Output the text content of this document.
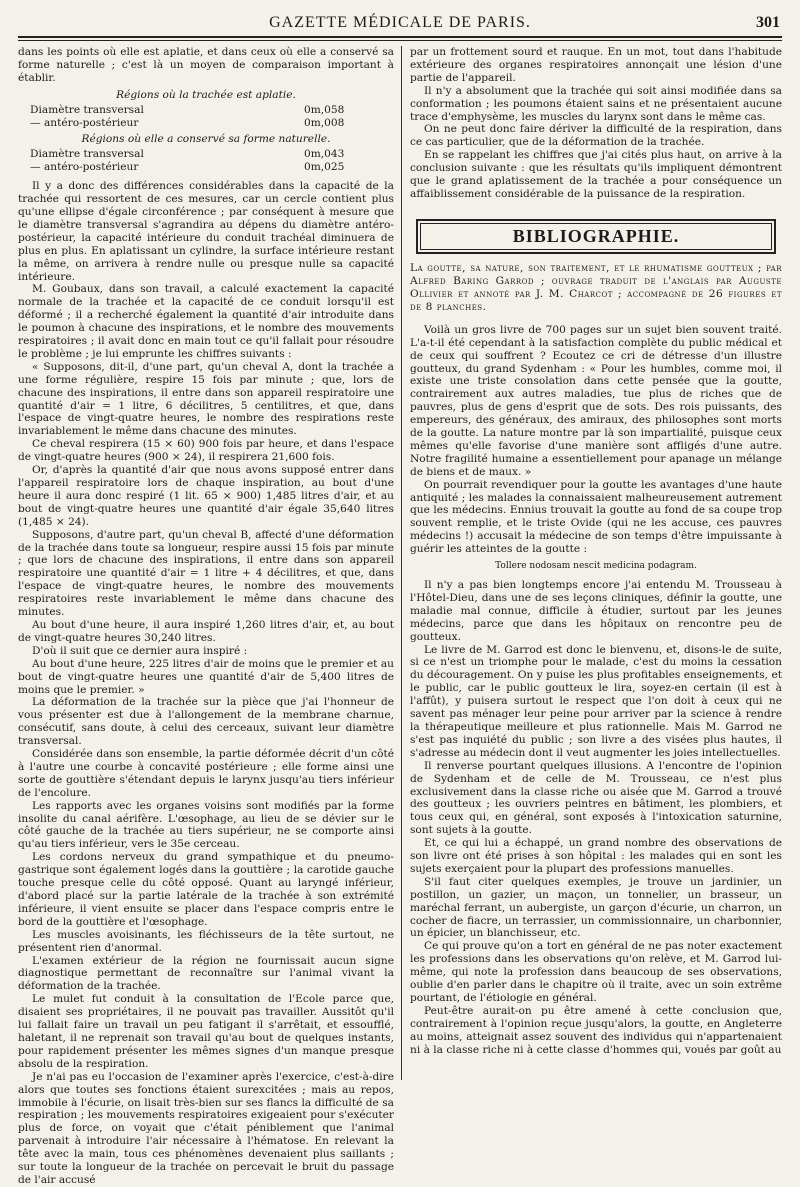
GAZETTE MÉDICALE DE PARIS.	301

dans les points où elle est aplatie, et dans ceux où elle a conservé sa forme naturelle ; c'est là un moyen de comparaison important à établir.

Régions où la trachée est aplatie.

Diamètre transversal	0m,058
— antéro-postérieur	0m,008

Régions où elle a conservé sa forme naturelle.

Diamètre transversal	0m,043
— antéro-postérieur	0m,025

Il y a donc des différences considérables dans la capacité de la trachée qui ressortent de ces mesures, car un cercle contient plus qu'une ellipse d'égale circonférence ; par conséquent à mesure que le diamètre transversal s'agrandira au dépens du diamètre antéro-postérieur, la capacité intérieure du conduit trachéal diminuera de plus en plus. En aplatissant un cylindre, la surface intérieure restant la même, on arrivera à rendre nulle ou presque nulle sa capacité intérieure.

M. Goubaux, dans son travail, a calculé exactement la capacité normale de la trachée et la capacité de ce conduit lorsqu'il est déformé ; il a recherché également la quantité d'air introduite dans le poumon à chacune des inspirations, et le nombre des mouvements respiratoires ; il avait donc en main tout ce qu'il fallait pour résoudre le problème ; je lui emprunte les chiffres suivants :

« Supposons, dit-il, d'une part, qu'un cheval A, dont la trachée a une forme régulière, respire 15 fois par minute ; que, lors de chacune des inspirations, il entre dans son appareil respiratoire une quantité d'air = 1 litre, 6 décilitres, 5 centilitres, et que, dans l'espace de vingt-quatre heures, le nombre des respirations reste invariablement le même dans chacune des minutes.

Ce cheval respirera (15 × 60) 900 fois par heure, et dans l'espace de vingt-quatre heures (900 × 24), il respirera 21,600 fois.

Or, d'après la quantité d'air que nous avons supposé entrer dans l'appareil respiratoire lors de chaque inspiration, au bout d'une heure il aura donc respiré (1 lit. 65 × 900) 1,485 litres d'air, et au bout de vingt-quatre heures une quantité d'air égale 35,640 litres (1,485 × 24).

Supposons, d'autre part, qu'un cheval B, affecté d'une déformation de la trachée dans toute sa longueur, respire aussi 15 fois par minute ; que lors de chacune des inspirations, il entre dans son appareil respiratoire une quantité d'air = 1 litre + 4 décilitres, et que, dans l'espace de vingt-quatre heures, le nombre des mouvements respiratoires reste invariablement le même dans chacune des minutes.

Au bout d'une heure, il aura inspiré 1,260 litres d'air, et, au bout de vingt-quatre heures 30,240 litres.

D'où il suit que ce dernier aura inspiré :

Au bout d'une heure, 225 litres d'air de moins que le premier et au bout de vingt-quatre heures une quantité d'air de 5,400 litres de moins que le premier. »

La déformation de la trachée sur la pièce que j'ai l'honneur de vous présenter est due à l'allongement de la membrane charnue, consécutif, sans doute, à celui des cerceaux, suivant leur diamètre transversal.

Considérée dans son ensemble, la partie déformée décrit d'un côté à l'autre une courbe à concavité postérieure ; elle forme ainsi une sorte de gouttière s'étendant depuis le larynx jusqu'au tiers inférieur de l'encolure.

Les rapports avec les organes voisins sont modifiés par la forme insolite du canal aérifère. L'œsophage, au lieu de se dévier sur le côté gauche de la trachée au tiers supérieur, ne se comporte ainsi qu'au tiers inférieur, vers le 35e cerceau.

Les cordons nerveux du grand sympathique et du pneumo-gastrique sont également logés dans la gouttière ; la carotide gauche touche presque celle du côté opposé. Quant au laryngé inférieur, d'abord placé sur la partie latérale de la trachée à son extrémité inférieure, il vient ensuite se placer dans l'espace compris entre le bord de la gouttière et l'œsophage.

Les muscles avoisinants, les fléchisseurs de la tête surtout, ne présentent rien d'anormal.

L'examen extérieur de la région ne fournissait aucun signe diagnostique permettant de reconnaître sur l'animal vivant la déformation de la trachée.

Le mulet fut conduit à la consultation de l'Ecole parce que, disaient ses propriétaires, il ne pouvait pas travailler. Aussitôt qu'il lui fallait faire un travail un peu fatigant il s'arrêtait, et essoufflé, haletant, il ne reprenait son travail qu'au bout de quelques instants, pour rapidement présenter les mêmes signes d'un manque presque absolu de la respiration.

Je n'ai pas eu l'occasion de l'examiner après l'exercice, c'est-à-dire alors que toutes ses fonctions étaient surexcitées ; mais au repos, immobile à l'écurie, on lisait très-bien sur ses flancs la difficulté de sa respiration ; les mouvements respiratoires exigeaient pour s'exécuter plus de force, on voyait que c'était péniblement que l'animal parvenait à introduire l'air nécessaire à l'hématose. En relevant la tête avec la main, tous ces phénomènes devenaient plus saillants ; sur toute la longueur de la trachée on percevait le bruit du passage de l'air accusé

par un frottement sourd et rauque. En un mot, tout dans l'habitude extérieure des organes respiratoires annonçait une lésion d'une partie de l'appareil.

Il n'y a absolument que la trachée qui soit ainsi modifiée dans sa conformation ; les poumons étaient sains et ne présentaient aucune trace d'emphysème, les muscles du larynx sont dans le même cas.

On ne peut donc faire dériver la difficulté de la respiration, dans ce cas particulier, que de la déformation de la trachée.

En se rappelant les chiffres que j'ai cités plus haut, on arrive à la conclusion suivante : que les résultats qu'ils impliquent démontrent que le grand aplatissement de la trachée a pour conséquence un affaiblissement considérable de la puissance de la respiration.

BIBLIOGRAPHIE.

La goutte, sa nature, son traitement, et le rhumatisme goutteux ; par Alfred Baring Garrod ; ouvrage traduit de l'anglais par Auguste Ollivier et annoté par J. M. Charcot ; accompagné de 26 figures et de 8 planches.

Voilà un gros livre de 700 pages sur un sujet bien souvent traité. L'a-t-il été cependant à la satisfaction complète du public médical et de ceux qui souffrent ? Ecoutez ce cri de détresse d'un illustre goutteux, du grand Sydenham : « Pour les humbles, comme moi, il existe une triste consolation dans cette pensée que la goutte, contrairement aux autres maladies, tue plus de riches que de pauvres, plus de gens d'esprit que de sots. Des rois puissants, des empereurs, des généraux, des amiraux, des philosophes sont morts de la goutte. La nature montre par là son impartialité, puisque ceux mêmes qu'elle favorise d'une manière sont affligés d'une autre. Notre fragilité humaine a essentiellement pour apanage un mélange de biens et de maux. »

On pourrait revendiquer pour la goutte les avantages d'une haute antiquité ; les malades la connaissaient malheureusement autrement que les médecins. Ennius trouvait la goutte au fond de sa coupe trop souvent remplie, et le triste Ovide (qui ne les accuse, ces pauvres médecins !) accusait la médecine de son temps d'être impuissante à guérir les atteintes de la goutte :

Tollere nodosam nescit medicina podagram.

Il n'y a pas bien longtemps encore j'ai entendu M. Trousseau à l'Hôtel-Dieu, dans une de ses leçons cliniques, définir la goutte, une maladie mal connue, difficile à étudier, surtout par les jeunes médecins, parce que dans les hôpitaux on rencontre peu de goutteux.

Le livre de M. Garrod est donc le bienvenu, et, disons-le de suite, si ce n'est un triomphe pour le malade, c'est du moins la cessation du découragement. On y puise les plus profitables enseignements, et le public, car le public goutteux le lira, soyez-en certain (il est à l'affût), y puisera surtout le respect que l'on doit à ceux qui ne savent pas ménager leur peine pour arriver par la science à rendre la thérapeutique meilleure et plus rationnelle. Mais M. Garrod ne s'est pas inquiété du public ; son livre a des visées plus hautes, il s'adresse au médecin dont il veut augmenter les joies intellectuelles.

Il renverse pourtant quelques illusions. A l'encontre de l'opinion de Sydenham et de celle de M. Trousseau, ce n'est plus exclusivement dans la classe riche ou aisée que M. Garrod a trouvé des goutteux ; les ouvriers peintres en bâtiment, les plombiers, et tous ceux qui, en général, sont exposés à l'intoxication saturnine, sont sujets à la goutte.

Et, ce qui lui a échappé, un grand nombre des observations de son livre ont été prises à son hôpital : les malades qui en sont les sujets exerçaient pour la plupart des professions manuelles.

S'il faut citer quelques exemples, je trouve un jardinier, un postillon, un gazier, un maçon, un tonnelier, un brasseur, un maréchal ferrant, un aubergiste, un garçon d'écurie, un charron, un cocher de fiacre, un terrassier, un commissionnaire, un charbonnier, un épicier, un blanchisseur, etc.

Ce qui prouve qu'on a tort en général de ne pas noter exactement les professions dans les observations qu'on relève, et M. Garrod lui-même, qui note la profession dans beaucoup de ses observations, oublie d'en parler dans le chapitre où il traite, avec un soin extrême pourtant, de l'étiologie en général.

Peut-être aurait-on pu être amené à cette conclusion que, contrairement à l'opinion reçue jusqu'alors, la goutte, en Angleterre au moins, atteignait assez souvent des individus qui n'appartenaient ni à la classe riche ni à cette classe d'hommes qui, voués par goût au
